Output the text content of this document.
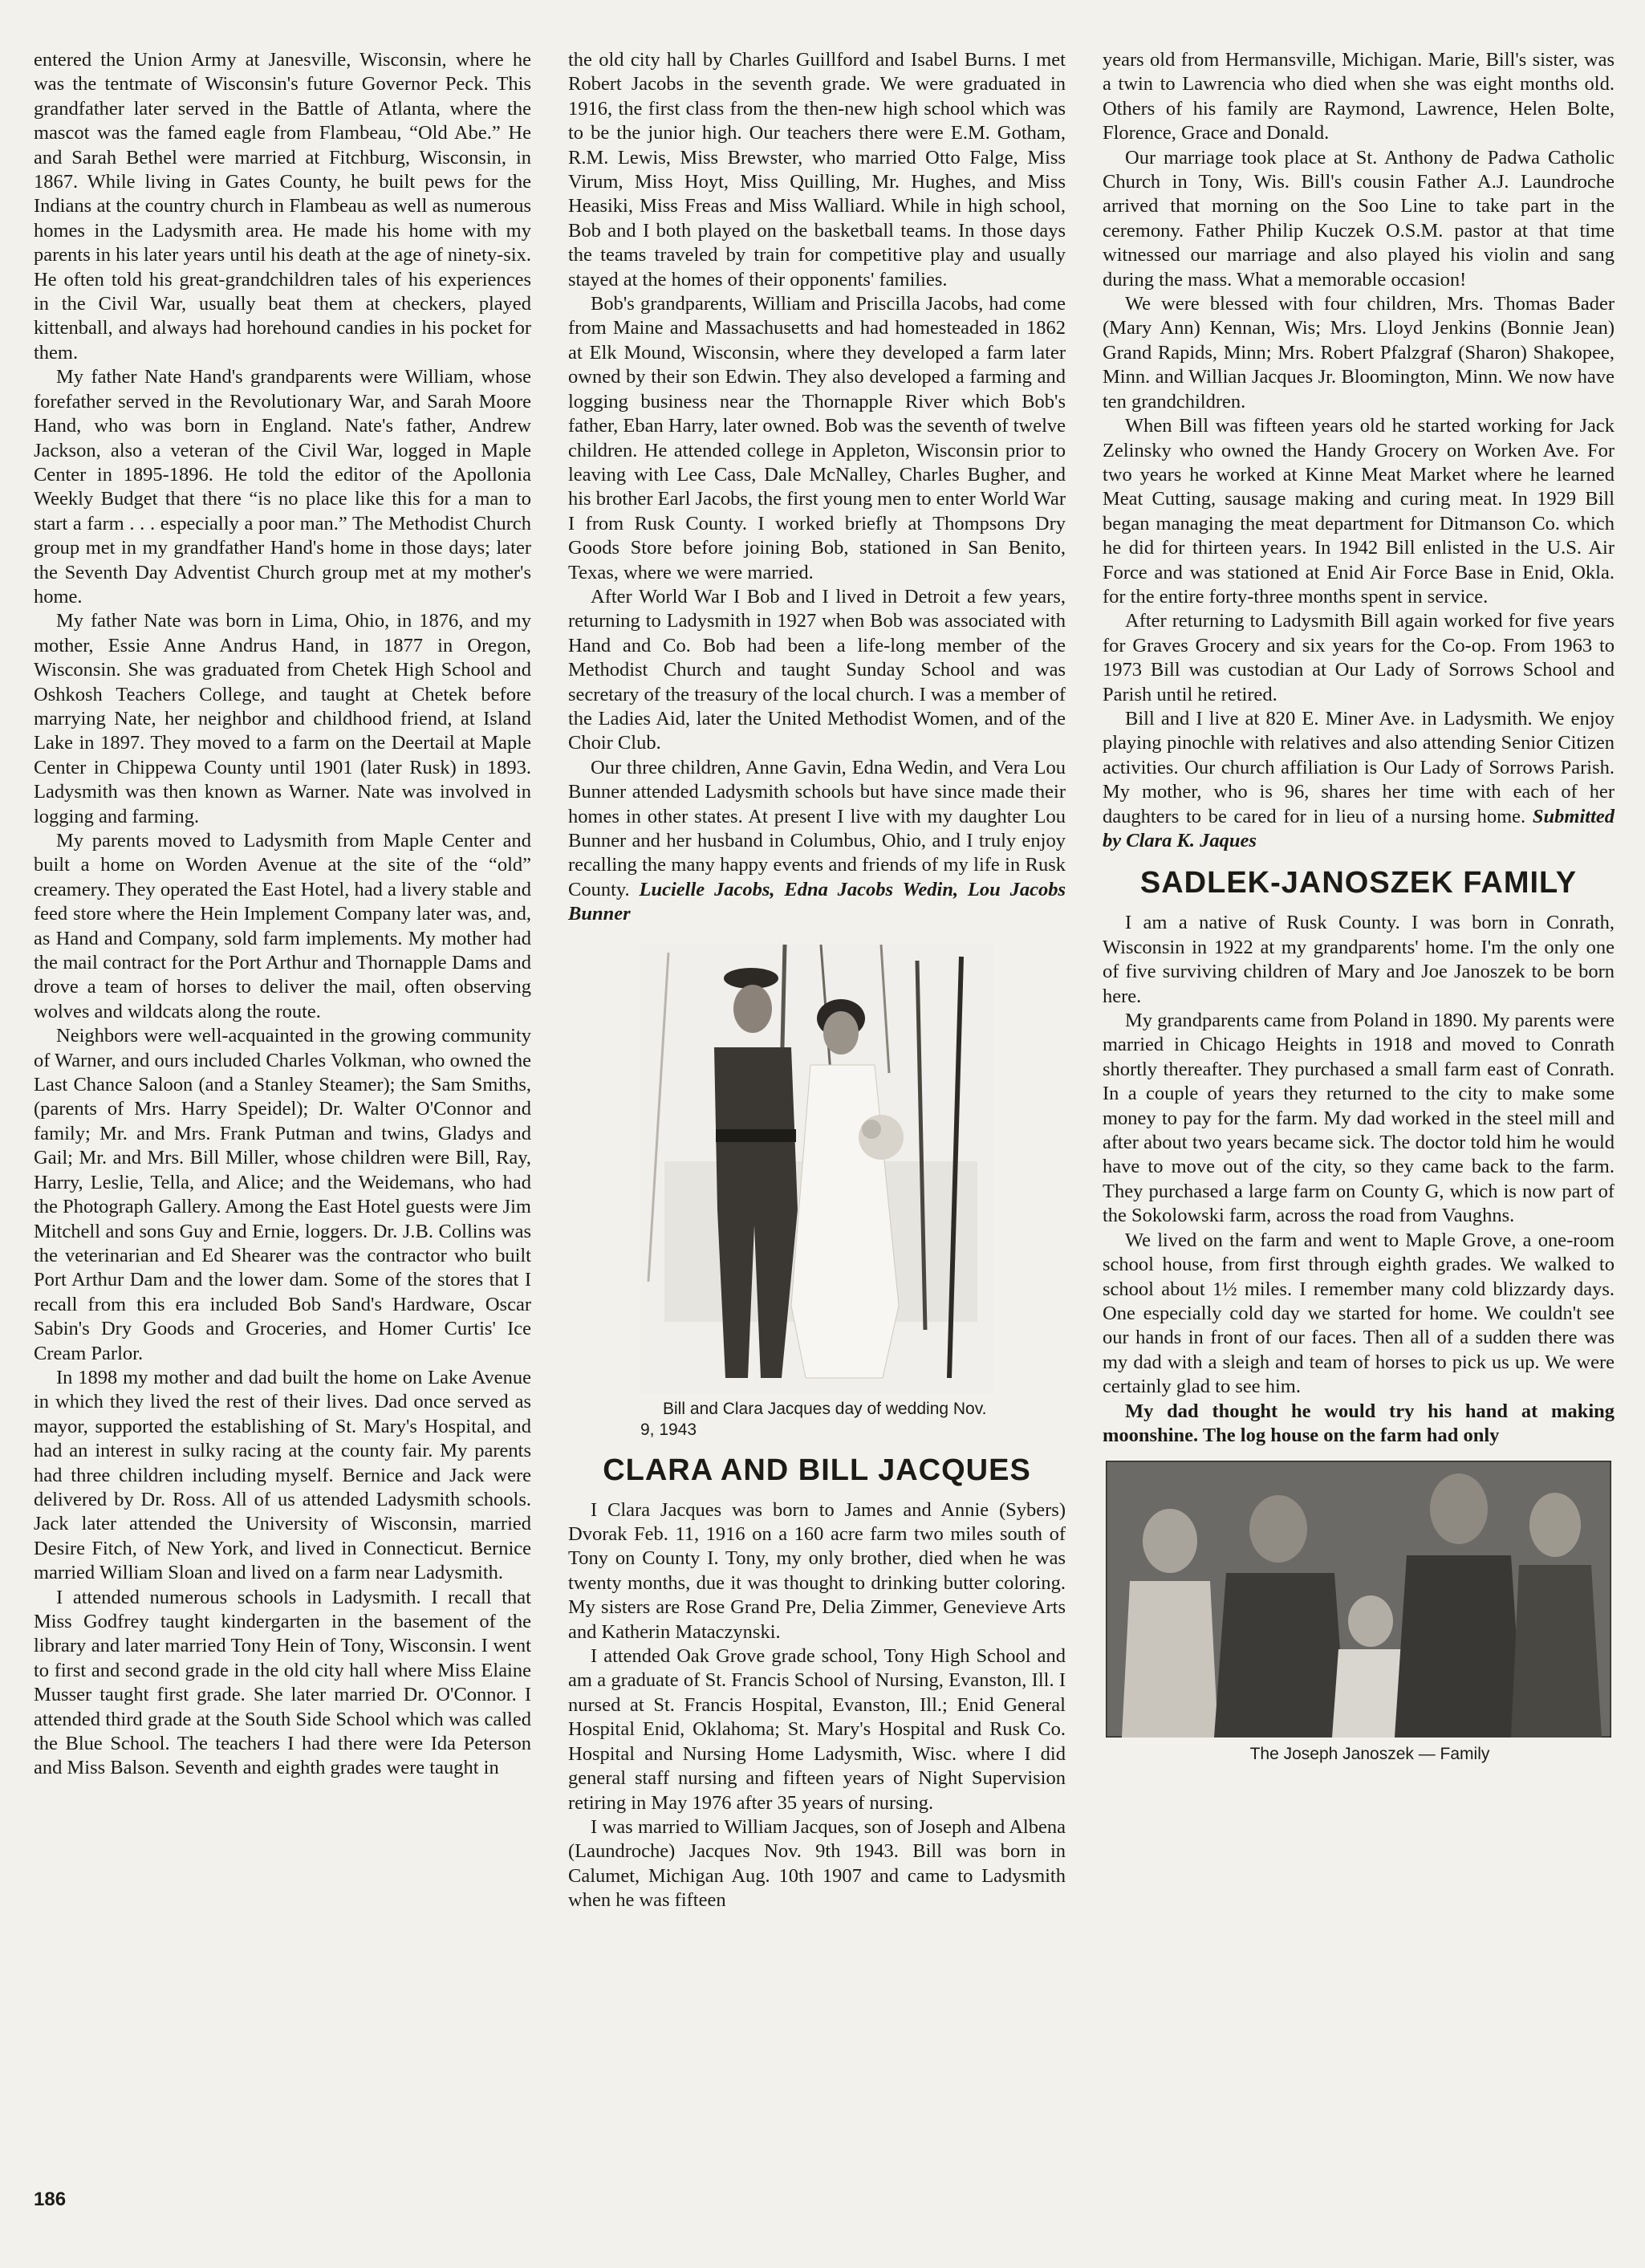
entered the Union Army at Janesville, Wisconsin, where he was the tentmate of Wisconsin's future Governor Peck. This grandfather later served in the Battle of Atlanta, where the mascot was the famed eagle from Flambeau, “Old Abe.” He and Sarah Bethel were married at Fitchburg, Wisconsin, in 1867. While living in Gates County, he built pews for the Indians at the country church in Flambeau as well as numerous homes in the Ladysmith area. He made his home with my parents in his later years until his death at the age of ninety-six. He often told his great-grandchildren tales of his experiences in the Civil War, usually beat them at checkers, played kittenball, and always had horehound candies in his pocket for them.

My father Nate Hand's grandparents were William, whose forefather served in the Revolutionary War, and Sarah Moore Hand, who was born in England. Nate's father, Andrew Jackson, also a veteran of the Civil War, logged in Maple Center in 1895-1896. He told the editor of the Apollonia Weekly Budget that there “is no place like this for a man to start a farm . . . especially a poor man.” The Methodist Church group met in my grandfather Hand's home in those days; later the Seventh Day Adventist Church group met at my mother's home.

My father Nate was born in Lima, Ohio, in 1876, and my mother, Essie Anne Andrus Hand, in 1877 in Oregon, Wisconsin. She was graduated from Chetek High School and Oshkosh Teachers College, and taught at Chetek before marrying Nate, her neighbor and childhood friend, at Island Lake in 1897. They moved to a farm on the Deertail at Maple Center in Chippewa County until 1901 (later Rusk) in 1893. Ladysmith was then known as Warner. Nate was involved in logging and farming.

My parents moved to Ladysmith from Maple Center and built a home on Worden Avenue at the site of the “old” creamery. They operated the East Hotel, had a livery stable and feed store where the Hein Implement Company later was, and, as Hand and Company, sold farm implements. My mother had the mail contract for the Port Arthur and Thornapple Dams and drove a team of horses to deliver the mail, often observing wolves and wildcats along the route.

Neighbors were well-acquainted in the growing community of Warner, and ours included Charles Volkman, who owned the Last Chance Saloon (and a Stanley Steamer); the Sam Smiths, (parents of Mrs. Harry Speidel); Dr. Walter O'Connor and family; Mr. and Mrs. Frank Putman and twins, Gladys and Gail; Mr. and Mrs. Bill Miller, whose children were Bill, Ray, Harry, Leslie, Tella, and Alice; and the Weidemans, who had the Photograph Gallery. Among the East Hotel guests were Jim Mitchell and sons Guy and Ernie, loggers. Dr. J.B. Collins was the veterinarian and Ed Shearer was the contractor who built Port Arthur Dam and the lower dam. Some of the stores that I recall from this era included Bob Sand's Hardware, Oscar Sabin's Dry Goods and Groceries, and Homer Curtis' Ice Cream Parlor.

In 1898 my mother and dad built the home on Lake Avenue in which they lived the rest of their lives. Dad once served as mayor, supported the establishing of St. Mary's Hospital, and had an interest in sulky racing at the county fair. My parents had three children including myself. Bernice and Jack were delivered by Dr. Ross. All of us attended Ladysmith schools. Jack later attended the University of Wisconsin, married Desire Fitch, of New York, and lived in Connecticut. Bernice married William Sloan and lived on a farm near Ladysmith.

I attended numerous schools in Ladysmith. I recall that Miss Godfrey taught kindergarten in the basement of the library and later married Tony Hein of Tony, Wisconsin. I went to first and second grade in the old city hall where Miss Elaine Musser taught first grade. She later married Dr. O'Connor. I attended third grade at the South Side School which was called the Blue School. The teachers I had there were Ida Peterson and Miss Balson. Seventh and eighth grades were taught in

the old city hall by Charles Guillford and Isabel Burns. I met Robert Jacobs in the seventh grade. We were graduated in 1916, the first class from the then-new high school which was to be the junior high. Our teachers there were E.M. Gotham, R.M. Lewis, Miss Brewster, who married Otto Falge, Miss Virum, Miss Hoyt, Miss Quilling, Mr. Hughes, and Miss Heasiki, Miss Freas and Miss Walliard. While in high school, Bob and I both played on the basketball teams. In those days the teams traveled by train for competitive play and usually stayed at the homes of their opponents' families.

Bob's grandparents, William and Priscilla Jacobs, had come from Maine and Massachusetts and had homesteaded in 1862 at Elk Mound, Wisconsin, where they developed a farm later owned by their son Edwin. They also developed a farming and logging business near the Thornapple River which Bob's father, Eban Harry, later owned. Bob was the seventh of twelve children. He attended college in Appleton, Wisconsin prior to leaving with Lee Cass, Dale McNalley, Charles Bugher, and his brother Earl Jacobs, the first young men to enter World War I from Rusk County. I worked briefly at Thompsons Dry Goods Store before joining Bob, stationed in San Benito, Texas, where we were married.

After World War I Bob and I lived in Detroit a few years, returning to Ladysmith in 1927 when Bob was associated with Hand and Co. Bob had been a life-long member of the Methodist Church and taught Sunday School and was secretary of the treasury of the local church. I was a member of the Ladies Aid, later the United Methodist Women, and of the Choir Club.

Our three children, Anne Gavin, Edna Wedin, and Vera Lou Bunner attended Ladysmith schools but have since made their homes in other states. At present I live with my daughter Lou Bunner and her husband in Columbus, Ohio, and I truly enjoy recalling the many happy events and friends of my life in Rusk County. Lucielle Jacobs, Edna Jacobs Wedin, Lou Jacobs Bunner

Bill and Clara Jacques day of wedding Nov. 9, 1943

CLARA AND BILL JACQUES

I Clara Jacques was born to James and Annie (Sybers) Dvorak Feb. 11, 1916 on a 160 acre farm two miles south of Tony on County I. Tony, my only brother, died when he was twenty months, due it was thought to drinking butter coloring. My sisters are Rose Grand Pre, Delia Zimmer, Genevieve Arts and Katherin Mataczynski.

I attended Oak Grove grade school, Tony High School and am a graduate of St. Francis School of Nursing, Evanston, Ill. I nursed at St. Francis Hospital, Evanston, Ill.; Enid General Hospital Enid, Oklahoma; St. Mary's Hospital and Rusk Co. Hospital and Nursing Home Ladysmith, Wisc. where I did general staff nursing and fifteen years of Night Supervision retiring in May 1976 after 35 years of nursing.

I was married to William Jacques, son of Joseph and Albena (Laundroche) Jacques Nov. 9th 1943. Bill was born in Calumet, Michigan Aug. 10th 1907 and came to Ladysmith when he was fifteen

years old from Hermansville, Michigan. Marie, Bill's sister, was a twin to Lawrencia who died when she was eight months old. Others of his family are Raymond, Lawrence, Helen Bolte, Florence, Grace and Donald.

Our marriage took place at St. Anthony de Padwa Catholic Church in Tony, Wis. Bill's cousin Father A.J. Laundroche arrived that morning on the Soo Line to take part in the ceremony. Father Philip Kuczek O.S.M. pastor at that time witnessed our marriage and also played his violin and sang during the mass. What a memorable occasion!

We were blessed with four children, Mrs. Thomas Bader (Mary Ann) Kennan, Wis; Mrs. Lloyd Jenkins (Bonnie Jean) Grand Rapids, Minn; Mrs. Robert Pfalzgraf (Sharon) Shakopee, Minn. and Willian Jacques Jr. Bloomington, Minn. We now have ten grandchildren.

When Bill was fifteen years old he started working for Jack Zelinsky who owned the Handy Grocery on Worken Ave. For two years he worked at Kinne Meat Market where he learned Meat Cutting, sausage making and curing meat. In 1929 Bill began managing the meat department for Ditmanson Co. which he did for thirteen years. In 1942 Bill enlisted in the U.S. Air Force and was stationed at Enid Air Force Base in Enid, Okla. for the entire forty-three months spent in service.

After returning to Ladysmith Bill again worked for five years for Graves Grocery and six years for the Co-op. From 1963 to 1973 Bill was custodian at Our Lady of Sorrows School and Parish until he retired.

Bill and I live at 820 E. Miner Ave. in Ladysmith. We enjoy playing pinochle with relatives and also attending Senior Citizen activities. Our church affiliation is Our Lady of Sorrows Parish. My mother, who is 96, shares her time with each of her daughters to be cared for in lieu of a nursing home. Submitted by Clara K. Jaques

SADLEK-JANOSZEK FAMILY

I am a native of Rusk County. I was born in Conrath, Wisconsin in 1922 at my grandparents' home. I'm the only one of five surviving children of Mary and Joe Janoszek to be born here.

My grandparents came from Poland in 1890. My parents were married in Chicago Heights in 1918 and moved to Conrath shortly thereafter. They purchased a small farm east of Conrath. In a couple of years they returned to the city to make some money to pay for the farm. My dad worked in the steel mill and after about two years became sick. The doctor told him he would have to move out of the city, so they came back to the farm. They purchased a large farm on County G, which is now part of the Sokolowski farm, across the road from Vaughns.

We lived on the farm and went to Maple Grove, a one-room school house, from first through eighth grades. We walked to school about 1½ miles. I remember many cold blizzardy days. One especially cold day we started for home. We couldn't see our hands in front of our faces. Then all of a sudden there was my dad with a sleigh and team of horses to pick us up. We were certainly glad to see him.

My dad thought he would try his hand at making moonshine. The log house on the farm had only

The Joseph Janoszek — Family

186
